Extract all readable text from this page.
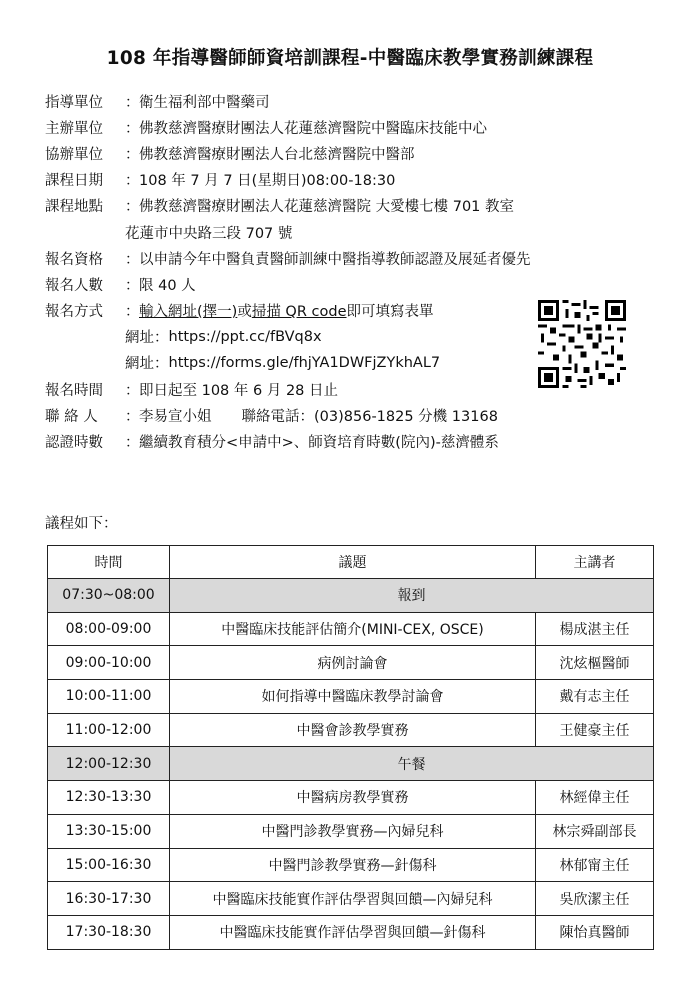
108 年指導醫師師資培訓課程-中醫臨床教學實務訓練課程
指導單位	： 衛生福利部中醫藥司
主辦單位	： 佛教慈濟醫療財團法人花蓮慈濟醫院中醫臨床技能中心
協辦單位	： 佛教慈濟醫療財團法人台北慈濟醫院中醫部
課程日期	： 108 年 7 月 7 日(星期日)08:00-18:30
課程地點	： 佛教慈濟醫療財團法人花蓮慈濟醫院 大愛樓七樓 701 教室
花蓮市中央路三段 707 號
報名資格	： 以申請今年中醫負責醫師訓練中醫指導教師認證及展延者優先
報名人數	： 限 40 人
報名方式	： 輸入網址(擇一) 或 掃描 QR code 即可填寫表單
網址： https://ppt.cc/fBVq8x
網址： https://forms.gle/fhjYA1DWFjZYkhAL7
報名時間	： 即日起至 108 年 6 月 28 日止
聯 絡 人	： 李易宣小姐 聯絡電話： (03)856-1825 分機 13168
認證時數	： 繼續教育積分<申請中>、師資培育時數(院內)-慈濟體系
議程如下：
時間	議題	主講者
07:30~08:00	報到	
08:00-09:00	中醫臨床技能評估簡介(MINI-CEX, OSCE)	楊成湛主任
09:00-10:00	病例討論會	沈炫樞醫師
10:00-11:00	如何指導中醫臨床教學討論會	戴有志主任
11:00-12:00	中醫會診教學實務	王健豪主任
12:00-12:30	午餐	
12:30-13:30	中醫病房教學實務	林經偉主任
13:30-15:00	中醫門診教學實務—內婦兒科	林宗舜副部長
15:00-16:30	中醫門診教學實務—針傷科	林郁甯主任
16:30-17:30	中醫臨床技能實作評估學習與回饋—內婦兒科	吳欣潔主任
17:30-18:30	中醫臨床技能實作評估學習與回饋—針傷科	陳怡真醫師
